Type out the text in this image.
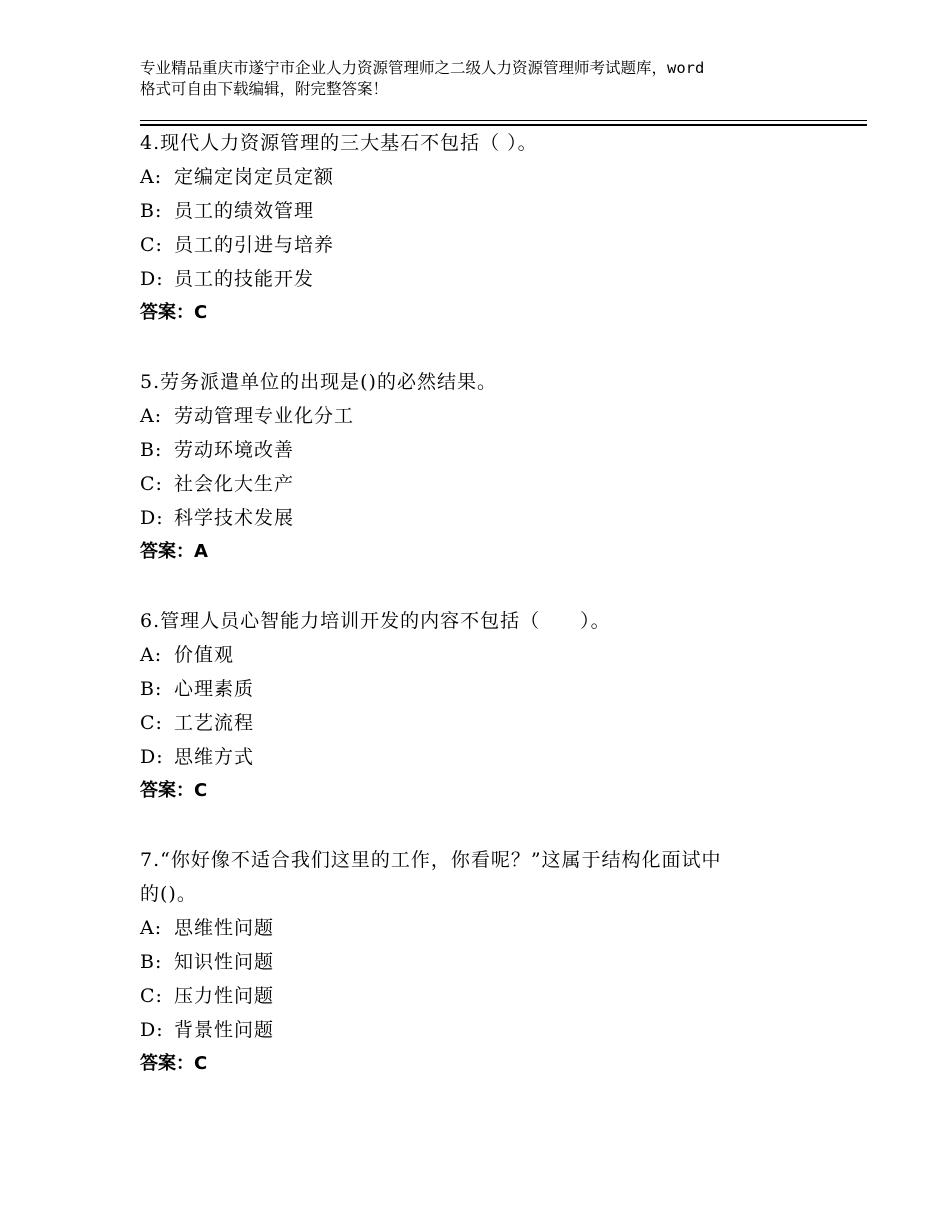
专业精品重庆市遂宁市企业人力资源管理师之二级人力资源管理师考试题库，word
格式可自由下载编辑，附完整答案！
4.现代人力资源管理的三大基石不包括（ ）。
A: 定编定岗定员定额
B: 员工的绩效管理
C: 员工的引进与培养
D: 员工的技能开发
答案：C
5.劳务派遣单位的出现是()的必然结果。
A: 劳动管理专业化分工
B: 劳动环境改善
C: 社会化大生产
D: 科学技术发展
答案：A
6.管理人员心智能力培训开发的内容不包括（　　）。
A: 价值观
B: 心理素质
C: 工艺流程
D: 思维方式
答案：C
7.“你好像不适合我们这里的工作，你看呢？”这属于结构化面试中
的()。
A: 思维性问题
B: 知识性问题
C: 压力性问题
D: 背景性问题
答案：C
